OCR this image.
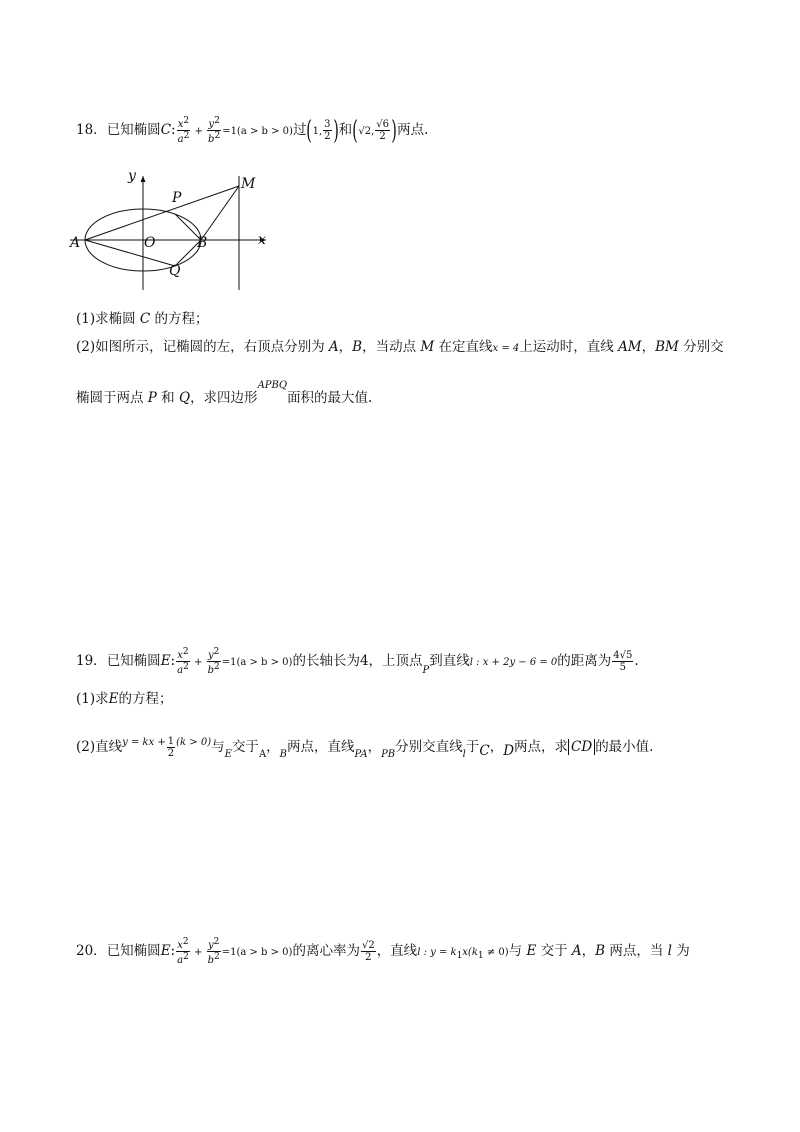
18．已知椭圆C: $\frac{x2}{a2} + \frac{y2}{b2} =1(a > b > 0)$过(1, $\frac{3}{2}$ )和(√2, $\frac{√6}{2}$ )两点.
y
x
A	O	B
P
Q
M
(1)求椭圆 C 的方程；
(2)如图所示，记椭圆的左，右顶点分别为 A，B，当动点 M 在定直线x = 4上运动时，直线 AM，BM 分别交
椭圆于两点 P 和 Q，求四边形$^{APBQ}$面积的最大值.
19．已知椭圆E: $\frac{x2}{a2} + \frac{y2}{b2} =1(a > b > 0)$的长轴长为4，上顶点$_P$到直线l : x + 2y − 6 = 0的距离为 $\frac{4√5}{5}$ .
(1)求E的方程；
(2)直线$^{y = kx +} \frac{1}{2} ^{(k > 0)}$与$_E$交于$_A$，$_B$两点，直线$_{PA}$，$_{PB}$分别交直线$_l$于C，D两点，求 CD 的最小值.
20．已知椭圆E: $\frac{x2}{a2} + \frac{y2}{b2} =1(a > b > 0)$的离心率为 $\frac{√2}{2}$ ，直线l : $y = k_1x(k_1 \ne 0)$与 E 交于 A，B 两点，当 l 为
